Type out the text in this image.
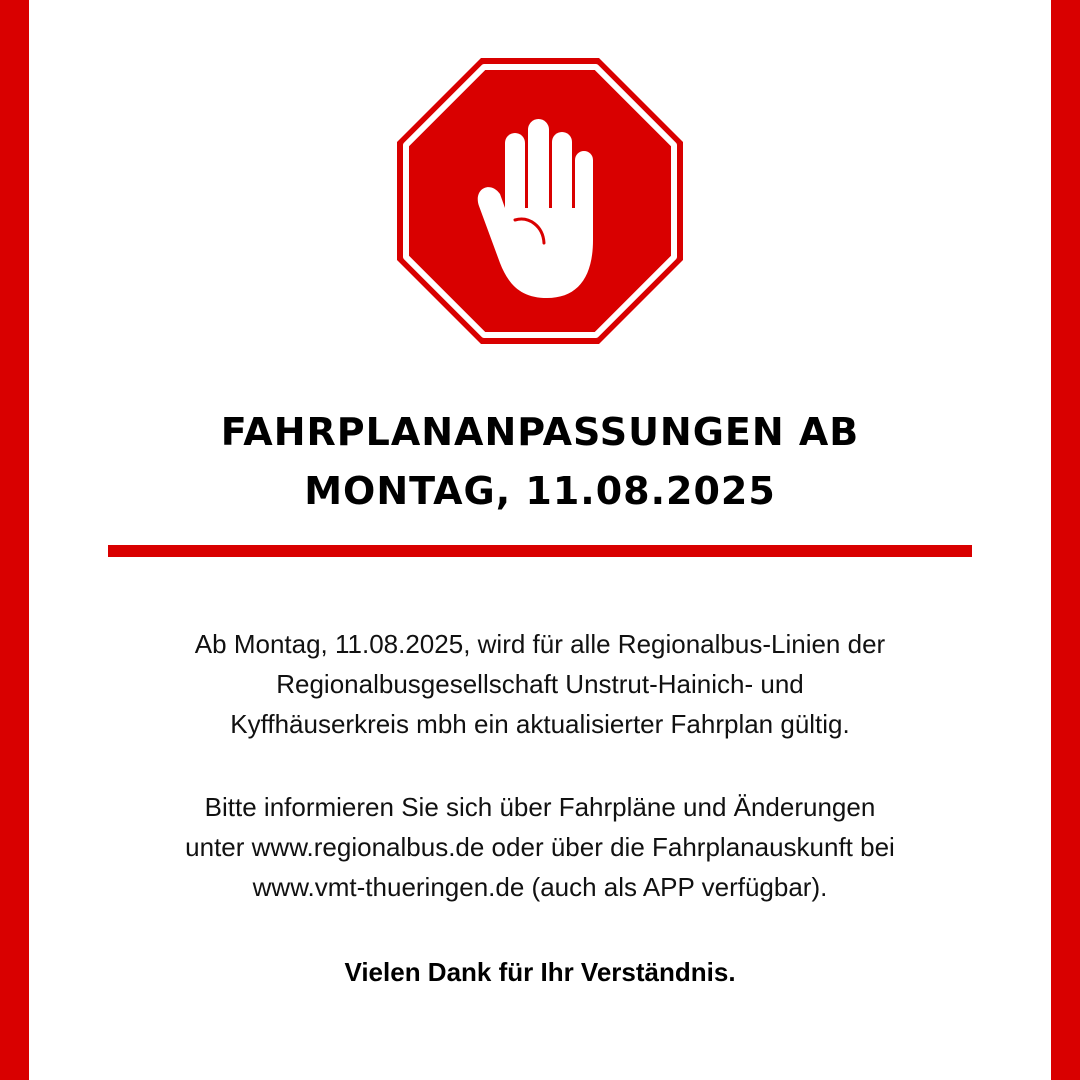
FAHRPLANANPASSUNGEN AB
MONTAG, 11.08.2025

Ab Montag, 11.08.2025, wird für alle Regionalbus-Linien der
Regionalbusgesellschaft Unstrut-Hainich- und
Kyffhäuserkreis mbh ein aktualisierter Fahrplan gültig.

Bitte informieren Sie sich über Fahrpläne und Änderungen
unter www.regionalbus.de oder über die Fahrplanauskunft bei
www.vmt-thueringen.de (auch als APP verfügbar).

Vielen Dank für Ihr Verständnis.
